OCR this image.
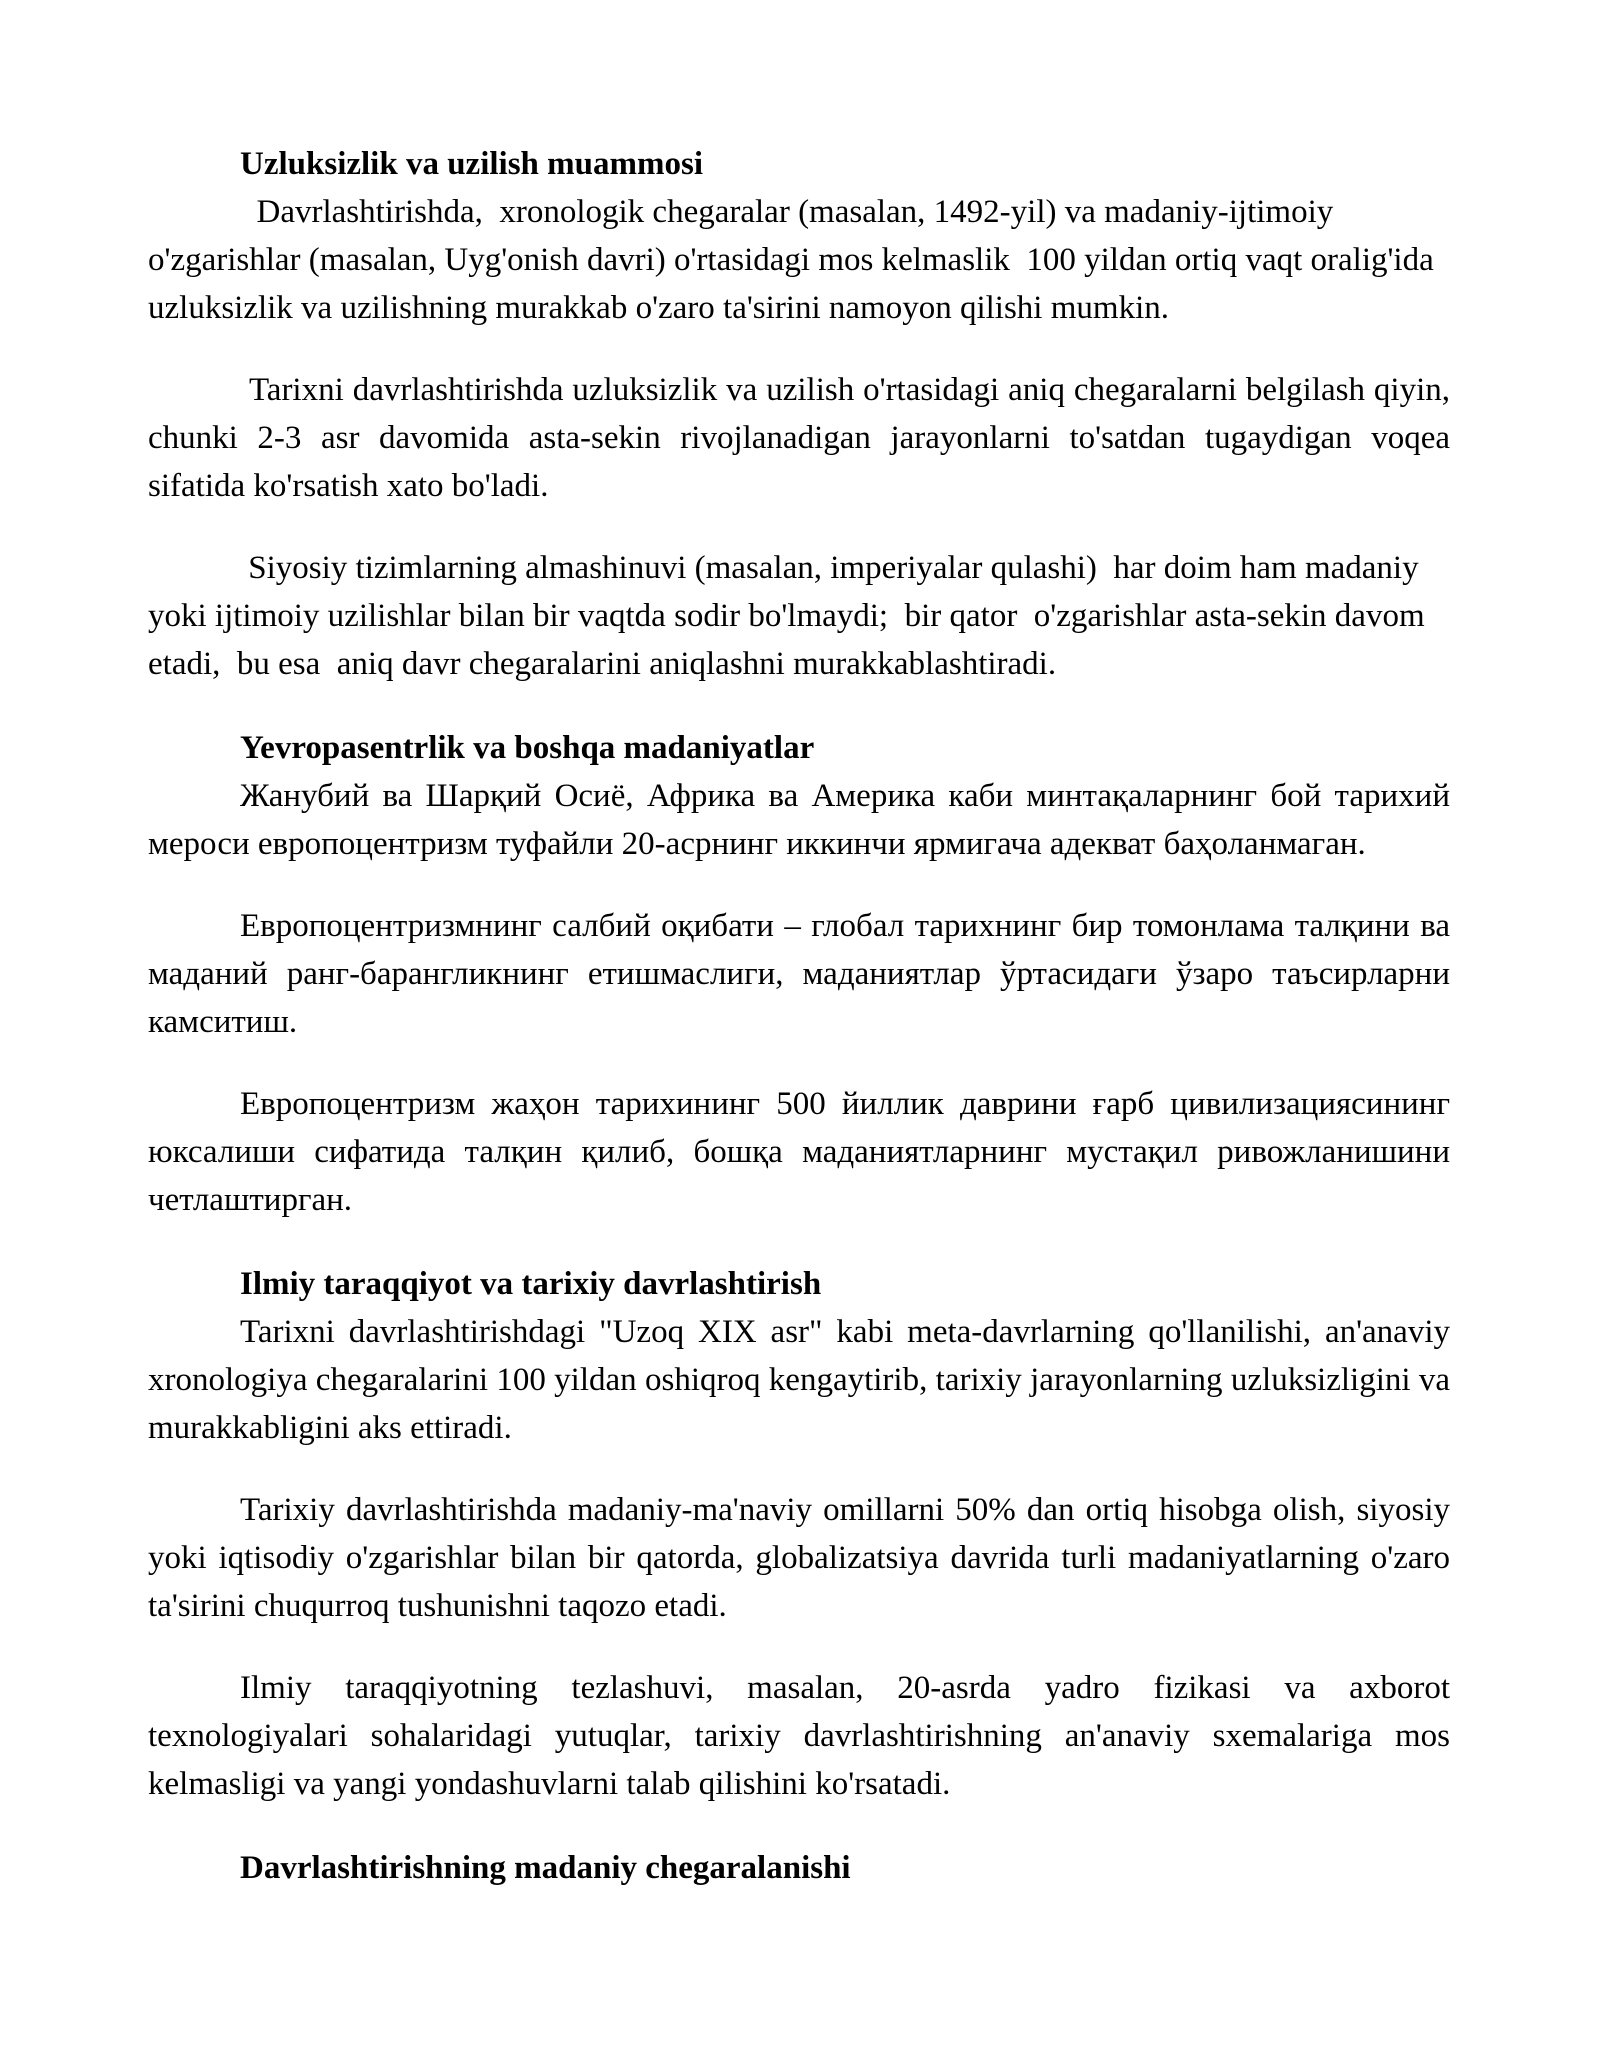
Uzluksizlik va uzilish muammosi

Davrlashtirishda,  xronologik chegaralar (masalan, 1492-yil) va madaniy-ijtimoiy o'zgarishlar (masalan, Uyg'onish davri) o'rtasidagi mos kelmaslik  100 yildan ortiq vaqt oralig'ida  uzluksizlik va uzilishning murakkab o'zaro ta'sirini namoyon qilishi mumkin.

Tarixni davrlashtirishda uzluksizlik va uzilish o'rtasidagi aniq chegaralarni belgilash qiyin, chunki 2-3 asr davomida asta-sekin rivojlanadigan jarayonlarni to'satdan tugaydigan voqea sifatida ko'rsatish xato bo'ladi.

Siyosiy tizimlarning almashinuvi (masalan, imperiyalar qulashi)  har doim ham madaniy yoki ijtimoiy uzilishlar bilan bir vaqtda sodir bo'lmaydi;  bir qator  o'zgarishlar asta-sekin davom etadi,  bu esa  aniq davr chegaralarini aniqlashni murakkablashtiradi.

Yevropasentrlik va boshqa madaniyatlar

Жанубий ва Шарқий Осиё, Африка ва Америка каби минтақаларнинг бой тарихий мероси европоцентризм туфайли 20-асрнинг иккинчи ярмигача адекват баҳоланмаган.

Европоцентризмнинг салбий оқибати – глобал тарихнинг бир томонлама талқини ва маданий ранг-барангликнинг етишмаслиги, маданиятлар ўртасидаги ўзаро таъсирларни камситиш.

Европоцентризм жаҳон тарихининг 500 йиллик даврини ғарб цивилизациясининг юксалиши сифатида талқин қилиб, бошқа маданиятларнинг мустақил ривожланишини четлаштирган.

Ilmiy taraqqiyot va tarixiy davrlashtirish

Tarixni davrlashtirishdagi "Uzoq XIX asr" kabi meta-davrlarning qo'llanilishi, an'anaviy xronologiya chegaralarini 100 yildan oshiqroq kengaytirib, tarixiy jarayonlarning uzluksizligini va murakkabligini aks ettiradi.

Tarixiy davrlashtirishda madaniy-ma'naviy omillarni 50% dan ortiq hisobga olish, siyosiy yoki iqtisodiy o'zgarishlar bilan bir qatorda, globalizatsiya davrida turli madaniyatlarning o'zaro ta'sirini chuqurroq tushunishni taqozo etadi.

Ilmiy taraqqiyotning tezlashuvi, masalan, 20-asrda yadro fizikasi va axborot texnologiyalari sohalaridagi yutuqlar, tarixiy davrlashtirishning an'anaviy sxemalariga mos kelmasligi va yangi yondashuvlarni talab qilishini ko'rsatadi.

Davrlashtirishning madaniy chegaralanishi
